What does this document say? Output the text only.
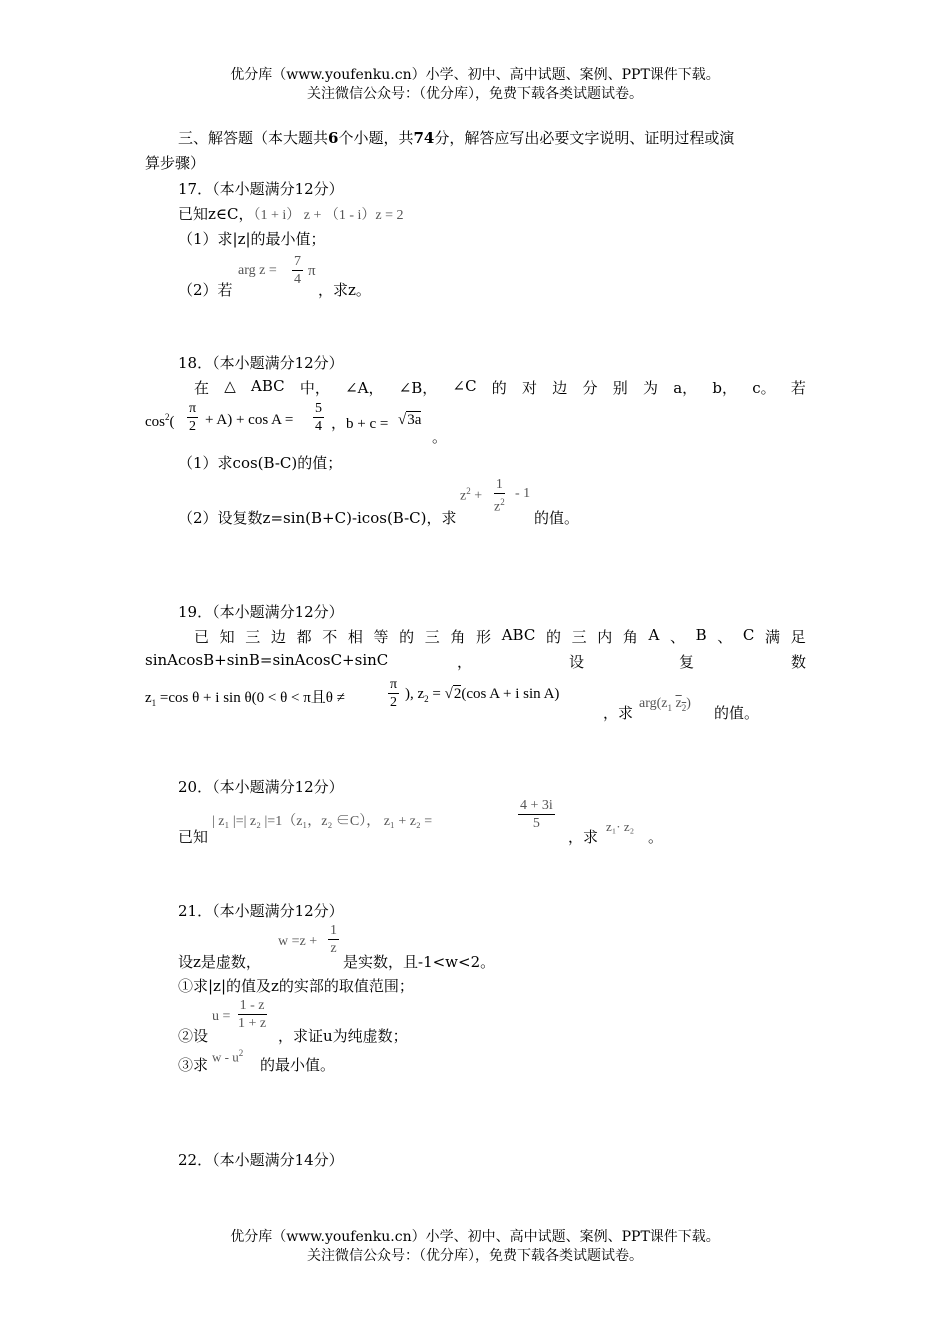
优分库（www.youfenku.cn）小学、初中、高中试题、案例、PPT课件下载。
关注微信公众号：（优分库），免费下载各类试题试卷。
三、解答题（本大题共6个小题，共74分，解答应写出必要文字说明、证明过程或演
算步骤）
17．（本小题满分12分）
已知z∈C，（1 + i） z + （1 - i）z = 2
（1）求|z|的最小值；
（2）若
arg $z = \frac{7}{4}$ π
，求z。
18．（本小题满分12分）
在 △ ABC 中， ∠A， ∠B， ∠C 的 对 边 分 别 为 a， b， c。 若
$\cos^2( \frac{\pi}{2} + A) + \cos A = \frac{5}{4}$ ，b + c = √3a
。
（1）求cos(B-C)的值；
（2）设复数z=sin(B+C)-icos(B-C)，求
$z^2 + \frac{1}{z^2} - 1$
的值。
19．（本小题满分12分）
已 知 三 边 都 不 相 等 的 三 角 形 ABC 的 三 内 角 A 、 B 、 C 满 足
sinAcosB+sinB=sinAcosC+sinC	，	设	复	数
$z_1 =\cos$ θ + i sin θ(0 < θ < π且θ ≠	$\frac{\pi}{2}$ ), $z_2 = √2(\cos$ A + i sin A)
，求
$arg(z_1$ $z_2$)
的值。
20．（本小题满分12分）
已知
| z₁ |=| z₂ |=1（z₁，z₂ ∈C）， z₁ + z₂ =	$\frac{4 + 3i}{5}$
，求
z₁· z₂
。
21．（本小题满分12分）
设z是虚数，
$w =z + \frac{1}{z}$
是实数，且-1<w<2。
①求|z|的值及z的实部的取值范围；
②设
$u = \frac{1 - z}{1 + z}$
，求证u为纯虚数；
③求 w - $u^2$
的最小值。
22．（本小题满分14分）
优分库（www.youfenku.cn）小学、初中、高中试题、案例、PPT课件下载。
关注微信公众号：（优分库），免费下载各类试题试卷。
